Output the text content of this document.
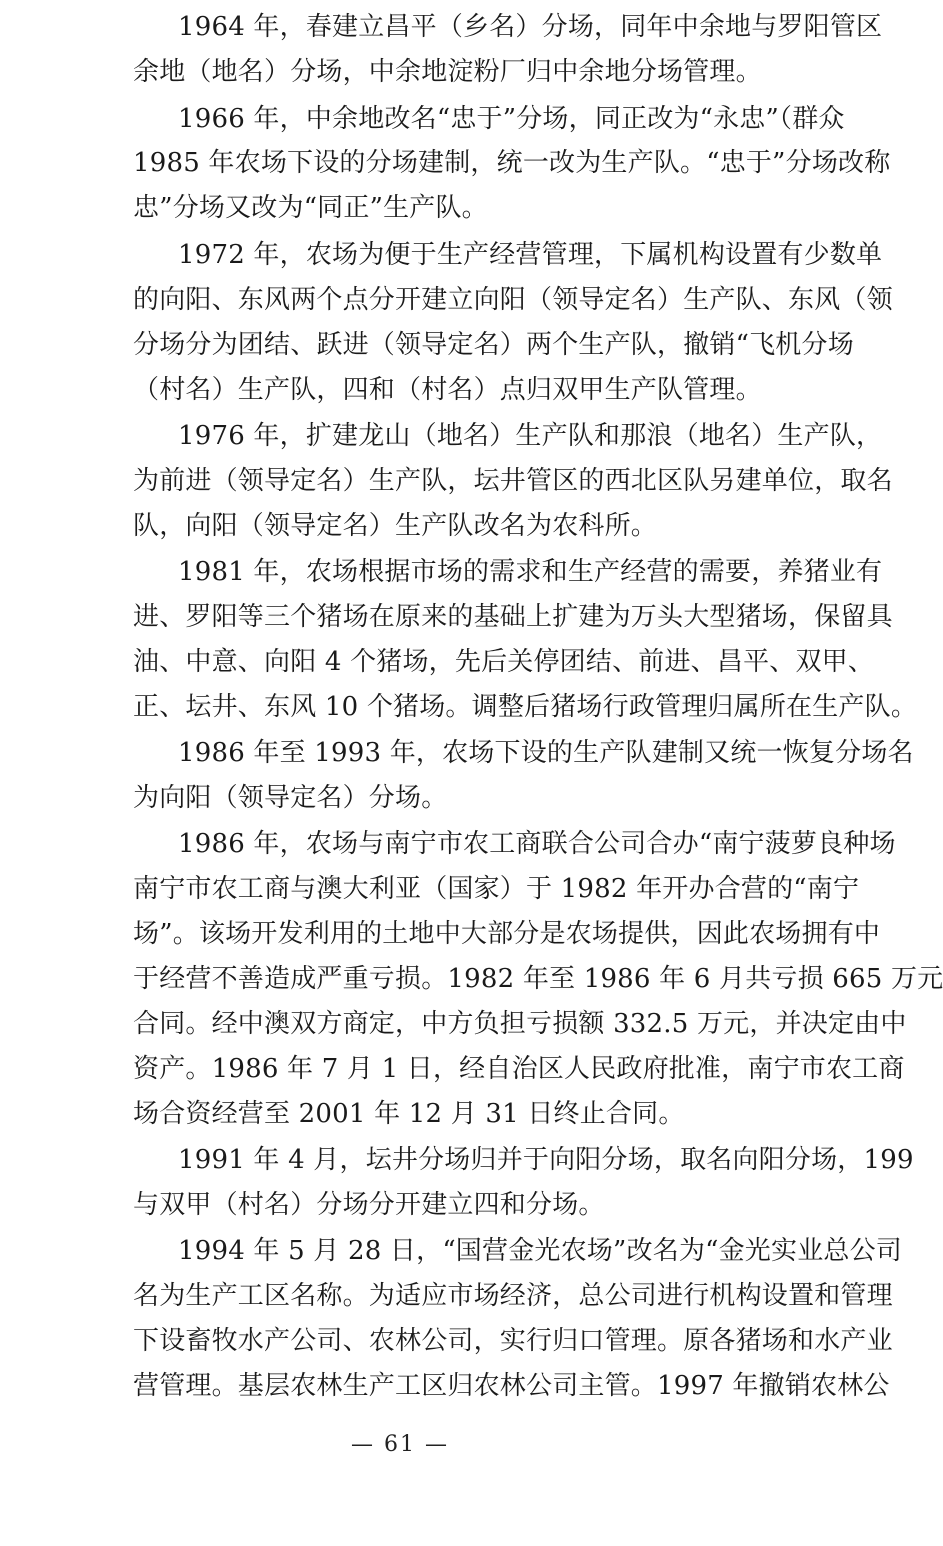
1964 年，春建立昌平（乡名）分场，同年中余地与罗阳管区
余地（地名）分场，中余地淀粉厂归中余地分场管理。
1966 年，中余地改名“忠于”分场，同正改为“永忠”（群众
1985 年农场下设的分场建制，统一改为生产队。“忠于”分场改称
忠”分场又改为“同正”生产队。
1972 年，农场为便于生产经营管理，下属机构设置有少数单
的向阳、东风两个点分开建立向阳（领导定名）生产队、东风（领
分场分为团结、跃进（领导定名）两个生产队，撤销“飞机分场
（村名）生产队，四和（村名）点归双甲生产队管理。
1976 年，扩建龙山（地名）生产队和那浪（地名）生产队，
为前进（领导定名）生产队，坛井管区的西北区队另建单位，取名
队，向阳（领导定名）生产队改名为农科所。
1981 年，农场根据市场的需求和生产经营的需要，养猪业有
进、罗阳等三个猪场在原来的基础上扩建为万头大型猪场，保留具
油、中意、向阳 4 个猪场，先后关停团结、前进、昌平、双甲、
正、坛井、东风 10 个猪场。调整后猪场行政管理归属所在生产队。
1986 年至 1993 年，农场下设的生产队建制又统一恢复分场名
为向阳（领导定名）分场。
1986 年，农场与南宁市农工商联合公司合办“南宁菠萝良种场
南宁市农工商与澳大利亚（国家）于 1982 年开办合营的“南宁
场”。该场开发利用的土地中大部分是农场提供，因此农场拥有中
于经营不善造成严重亏损。1982 年至 1986 年 6 月共亏损 665 万元
合同。经中澳双方商定，中方负担亏损额 332.5 万元，并决定由中
资产。1986 年 7 月 1 日，经自治区人民政府批准，南宁市农工商
场合资经营至 2001 年 12 月 31 日终止合同。
1991 年 4 月，坛井分场归并于向阳分场，取名向阳分场，199
与双甲（村名）分场分开建立四和分场。
1994 年 5 月 28 日，“国营金光农场”改名为“金光实业总公司
名为生产工区名称。为适应市场经济，总公司进行机构设置和管理
下设畜牧水产公司、农林公司，实行归口管理。原各猪场和水产业
营管理。基层农林生产工区归农林公司主管。1997 年撤销农林公
— 61 —
